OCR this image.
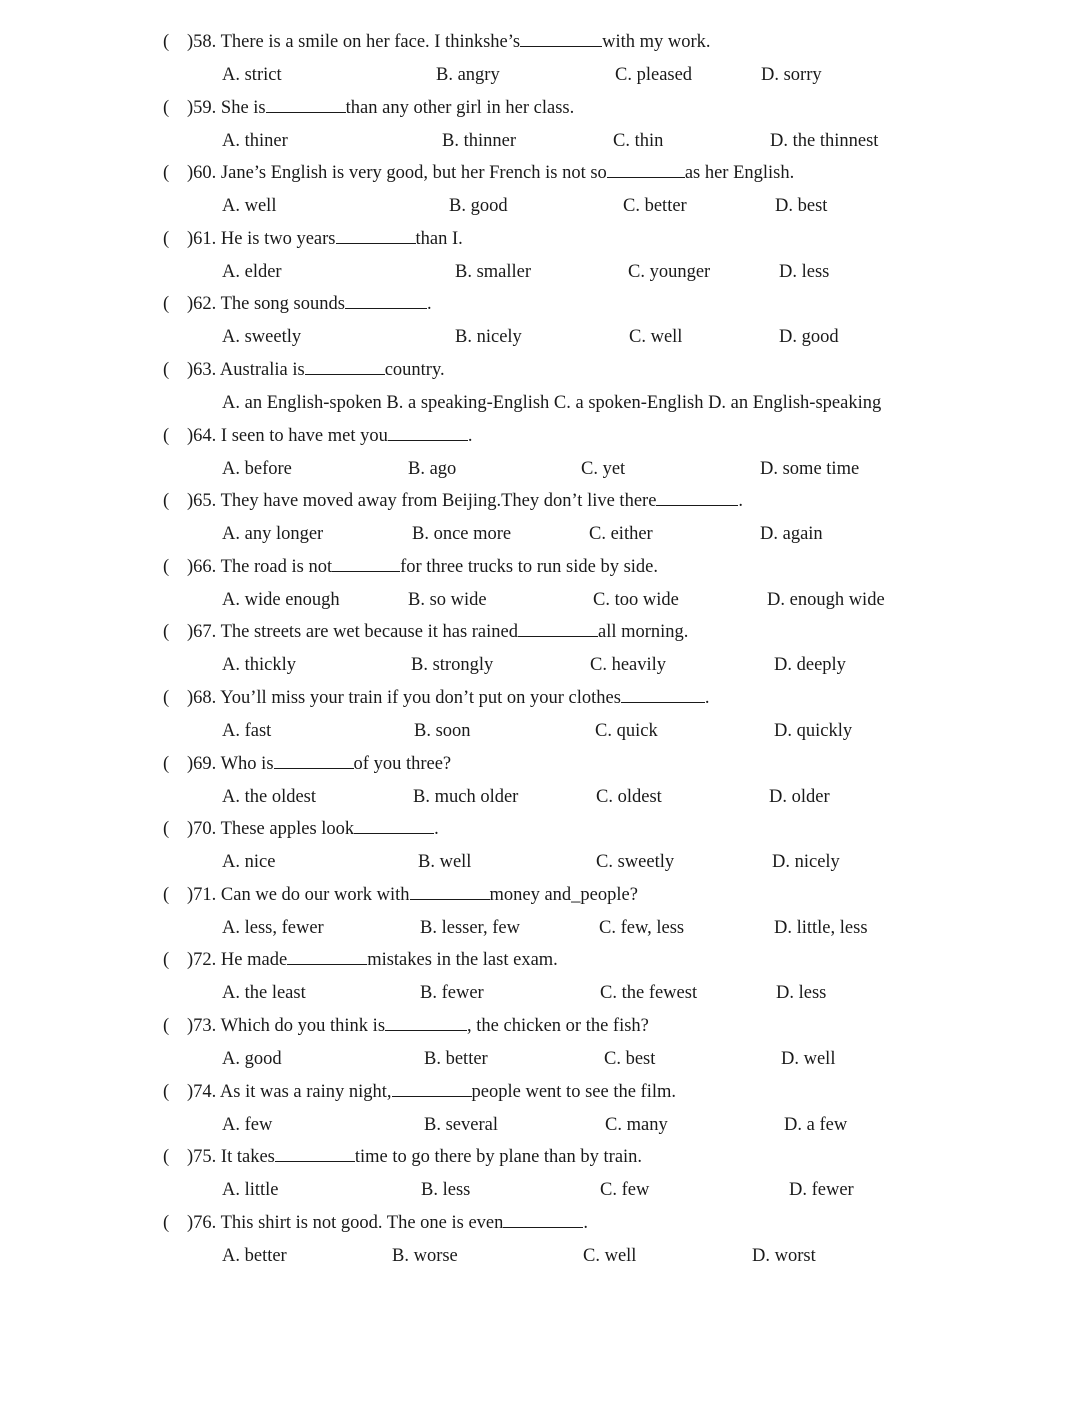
( )58. There is a smile on her face. I thinkshe’s	with my work.
A. strict	B. angry	C. pleased	D. sorry
( )59. She is	than any other girl in her class.
A. thiner	B. thinner	C. thin	D. the thinnest
( )60. Jane’s English is very good, but her French is not so	as her English.
A. well	B. good	C. better	D. best
( )61. He is two years	than I.
A. elder	B. smaller	C. younger	D. less
( )62. The song sounds	.
A. sweetly	B. nicely	C. well	D. good
( )63. Australia is	country.
A. an English-spoken B. a speaking-English C. a spoken-English D. an English-speaking
( )64. I seen to have met you	.
A. before	B. ago	C. yet	D. some time
( )65. They have moved away from Beijing.They don’t live there	.
A. any longer	B. once more	C. either	D. again
( )66. The road is not	for three trucks to run side by side.
A. wide enough	B. so wide	C. too wide	D. enough wide
( )67. The streets are wet because it has rained	all morning.
A. thickly	B. strongly	C. heavily	D. deeply
( )68. You’ll miss your train if you don’t put on your clothes	.
A. fast	B. soon	C. quick	D. quickly
( )69. Who is	of you three?
A. the oldest	B. much older	C. oldest	D. older
( )70. These apples look	.
A. nice	B. well	C. sweetly	D. nicely
( )71. Can we do our work with	money and_people?
A. less, fewer	B. lesser, few	C. few, less	D. little, less
( )72. He made	mistakes in the last exam.
A. the least	B. fewer	C. the fewest	D. less
( )73. Which do you think is	, the chicken or the fish?
A. good	B. better	C. best	D. well
( )74. As it was a rainy night,	people went to see the film.
A. few	B. several	C. many	D. a few
( )75. It takes	time to go there by plane than by train.
A. little	B. less	C. few	D. fewer
( )76. This shirt is not good. The one is even	.
A. better	B. worse	C. well	D. worst
